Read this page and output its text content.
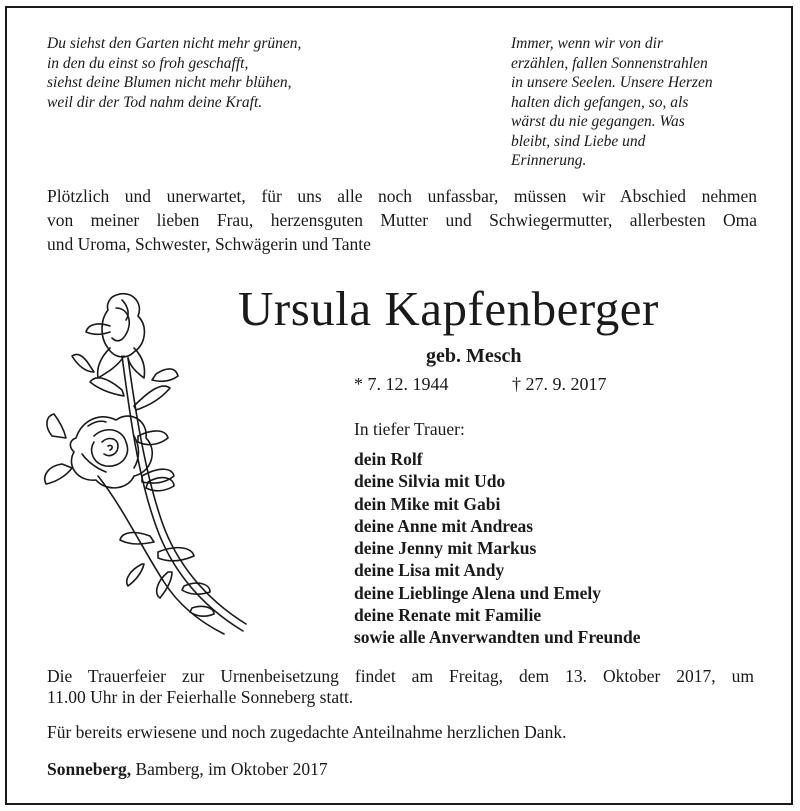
Du siehst den Garten nicht mehr grünen,
in den du einst so froh geschafft,
siehst deine Blumen nicht mehr blühen,
weil dir der Tod nahm deine Kraft.
Immer, wenn wir von dir
erzählen, fallen Sonnenstrahlen
in unsere Seelen. Unsere Herzen
halten dich gefangen, so, als
wärst du nie gegangen. Was
bleibt, sind Liebe und
Erinnerung.
Plötzlich und unerwartet, für uns alle noch unfassbar, müssen wir Abschied nehmen
von meiner lieben Frau, herzensguten Mutter und Schwiegermutter, allerbesten Oma
und Uroma, Schwester, Schwägerin und Tante
Ursula Kapfenberger
geb. Mesch
* 7. 12. 1944	† 27. 9. 2017
In tiefer Trauer:
dein Rolf
deine Silvia mit Udo
dein Mike mit Gabi
deine Anne mit Andreas
deine Jenny mit Markus
deine Lisa mit Andy
deine Lieblinge Alena und Emely
deine Renate mit Familie
sowie alle Anverwandten und Freunde
Die Trauerfeier zur Urnenbeisetzung findet am Freitag, dem 13. Oktober 2017, um
11.00 Uhr in der Feierhalle Sonneberg statt.
Für bereits erwiesene und noch zugedachte Anteilnahme herzlichen Dank.
Sonneberg, Bamberg, im Oktober 2017
